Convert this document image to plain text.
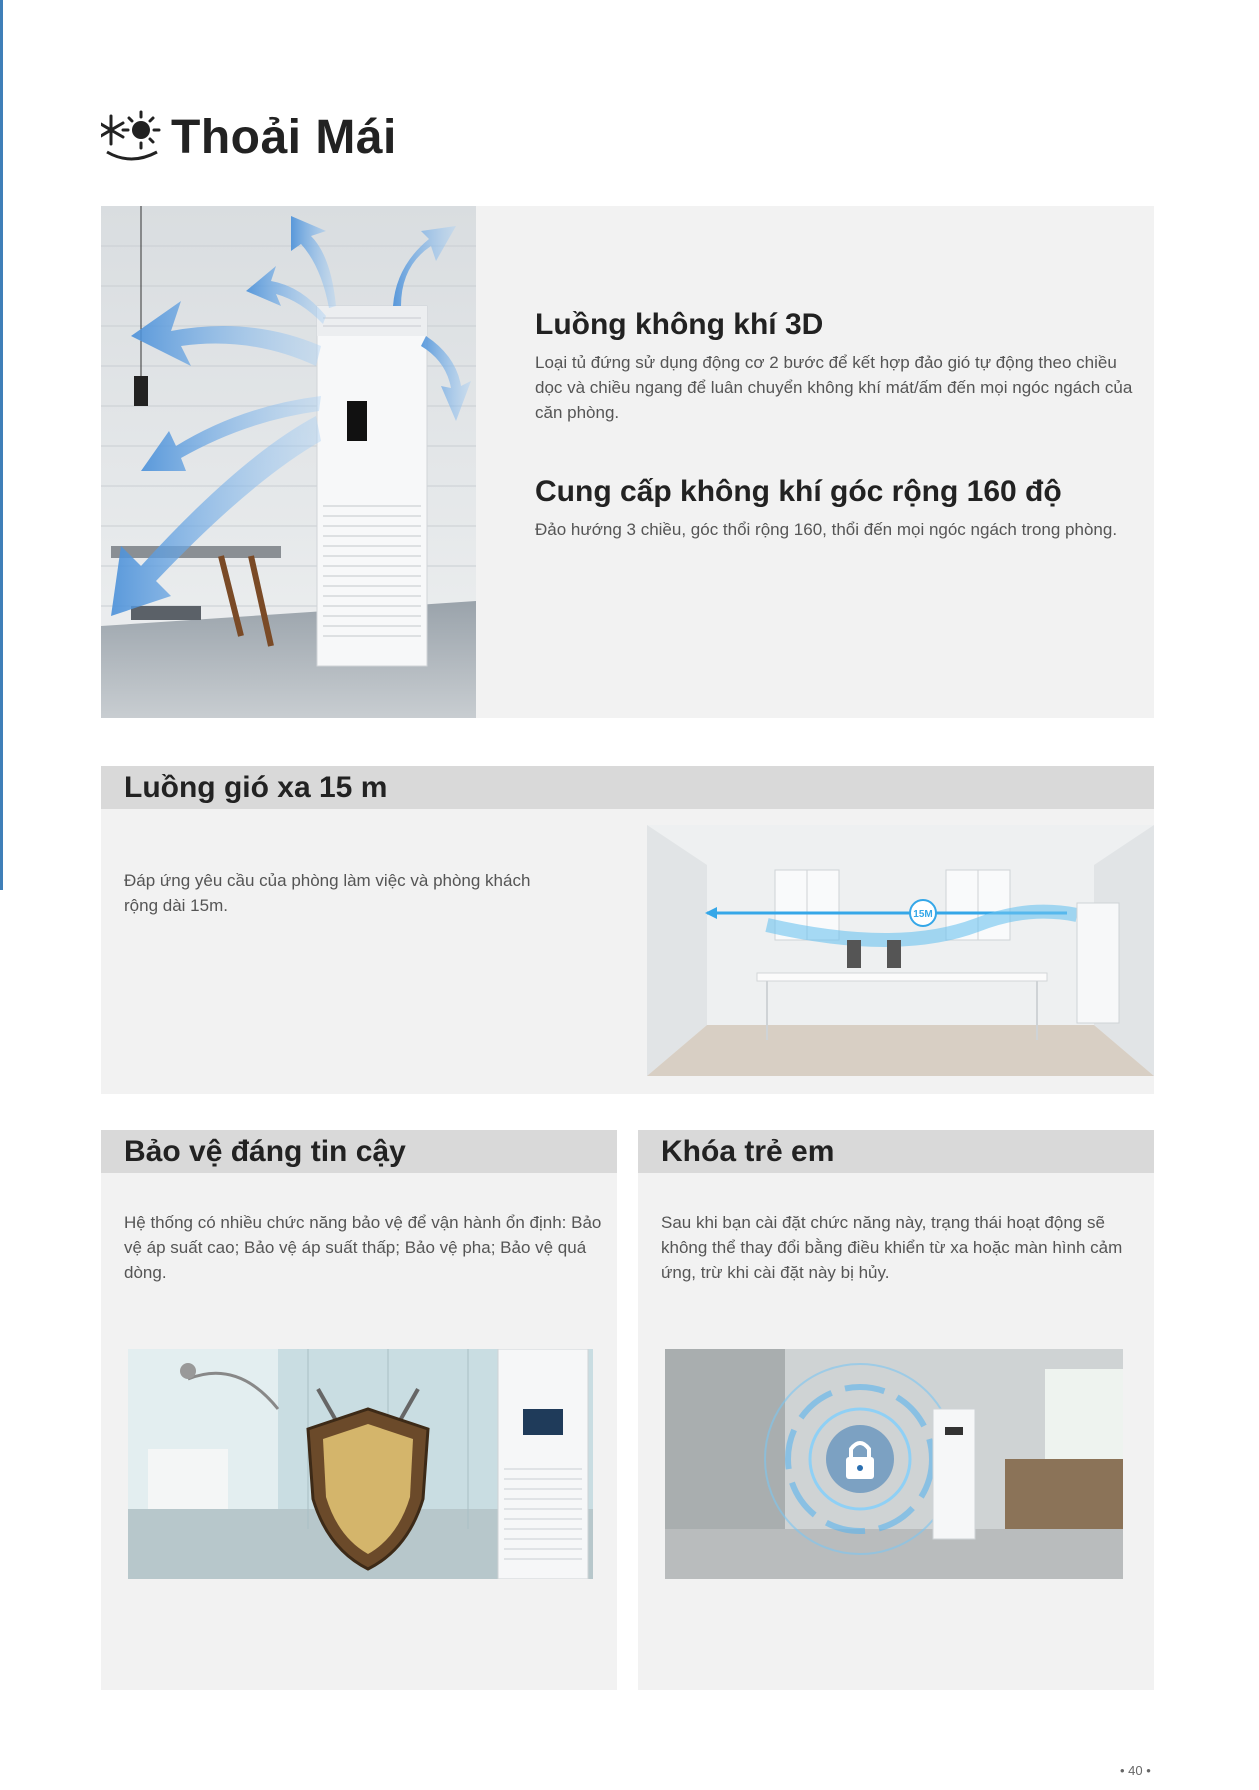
Thoải Mái
Luồng không khí 3D

Loại tủ đứng sử dụng động cơ 2 bước để kết hợp đảo gió tự động theo chiều dọc và chiều ngang để luân chuyển không khí mát/ấm đến mọi ngóc ngách của căn phòng.

Cung cấp không khí góc rộng 160 độ

Đảo hướng 3 chiều, góc thổi rộng 160, thổi đến mọi ngóc ngách trong phòng.

Luồng gió xa 15 m

Đáp ứng yêu cầu của phòng làm việc và phòng khách rộng dài 15m.	15M
Bảo vệ đáng tin cậy

Hệ thống có nhiều chức năng bảo vệ để vận hành ổn định: Bảo vệ áp suất cao; Bảo vệ áp suất thấp; Bảo vệ pha; Bảo vệ quá dòng.

Khóa trẻ em

Sau khi bạn cài đặt chức năng này, trạng thái hoạt động sẽ không thể thay đổi bằng điều khiển từ xa hoặc màn hình cảm ứng, trừ khi cài đặt này bị hủy.

• 40 •
